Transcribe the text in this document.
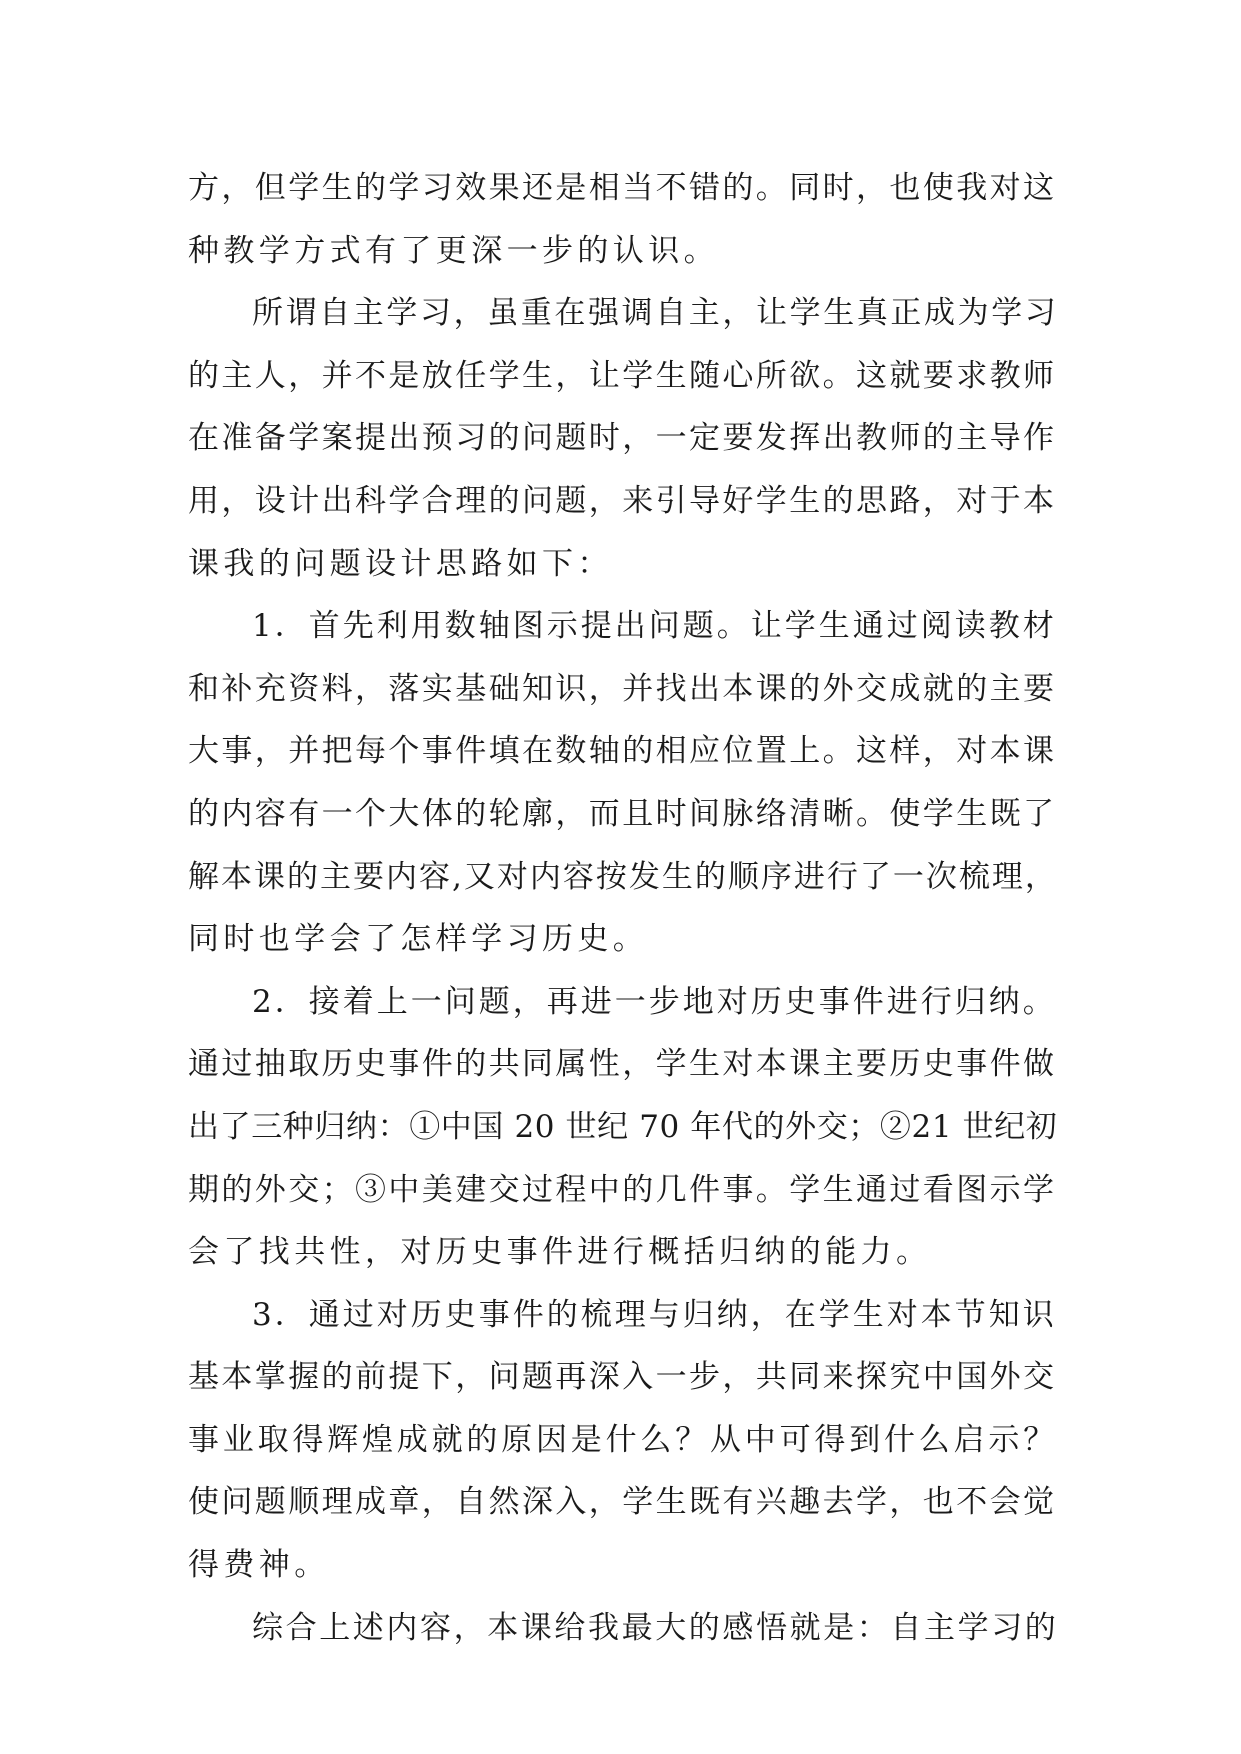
方，但学生的学习效果还是相当不错的。同时，也使我对这
种教学方式有了更深一步的认识。
所谓自主学习，虽重在强调自主，让学生真正成为学习
的主人，并不是放任学生，让学生随心所欲。这就要求教师
在准备学案提出预习的问题时，一定要发挥出教师的主导作
用，设计出科学合理的问题，来引导好学生的思路，对于本
课我的问题设计思路如下：
1．首先利用数轴图示提出问题。让学生通过阅读教材
和补充资料，落实基础知识，并找出本课的外交成就的主要
大事，并把每个事件填在数轴的相应位置上。这样，对本课
的内容有一个大体的轮廓，而且时间脉络清晰。使学生既了
解本课的主要内容,又对内容按发生的顺序进行了一次梳理，
同时也学会了怎样学习历史。
2．接着上一问题，再进一步地对历史事件进行归纳。
通过抽取历史事件的共同属性，学生对本课主要历史事件做
出了三种归纳：①中国 20 世纪 70 年代的外交；②21 世纪初
期的外交；③中美建交过程中的几件事。学生通过看图示学
会了找共性，对历史事件进行概括归纳的能力。
3．通过对历史事件的梳理与归纳，在学生对本节知识
基本掌握的前提下，问题再深入一步，共同来探究中国外交
事业取得辉煌成就的原因是什么？从中可得到什么启示？
使问题顺理成章，自然深入，学生既有兴趣去学，也不会觉
得费神。
综合上述内容，本课给我最大的感悟就是：自主学习的
